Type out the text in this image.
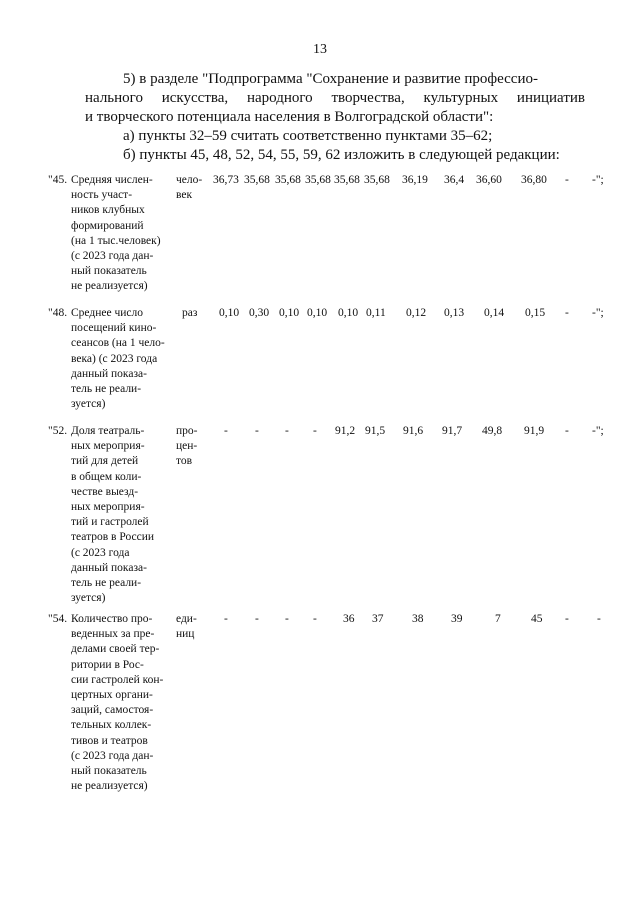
13

5) в разделе "Подпрограмма "Сохранение и развитие профессио-

нального искусства, народного творчества, культурных инициатив

и творческого потенциала населения в Волгоградской области":

а) пункты 32–59 считать соответственно пунктами 35–62;

б) пункты 45, 48, 52, 54, 55, 59, 62 изложить в следующей редакции:

"45. Средняя числен-
ность участ-
ников клубных
формирований
(на 1 тыс.человек)
(с 2023 года дан-
ный показатель
не реализуется)
чело-
век
36,73 35,68 35,68 35,68 35,68 35,68 36,19 36,4 36,60 36,80 - -";
"48. Среднее число
посещений кино-
сеансов (на 1 чело-
века) (с 2023 года
данный показа-
тель не реали-
зуется)
раз	0,10 0,30 0,10 0,10 0,10 0,11 0,12 0,13 0,14 0,15 - -";
"52. Доля театраль-
ных мероприя-
тий для детей
в общем коли-
честве выезд-
ных мероприя-
тий и гастролей
театров в России
(с 2023 года
данный показа-
тель не реали-
зуется)
про-
цен-
тов
- - - - 91,2 91,5 91,6 91,7 49,8 91,9 - -";
"54. Количество про-
веденных за пре-
делами своей тер-
ритории в Рос-
сии гастролей кон-
цертных органи-
заций, самостоя-
тельных коллек-
тивов и театров
(с 2023 года дан-
ный показатель
не реализуется)
еди-
ниц
- - - - 36 37 38 39	7	45 - -
